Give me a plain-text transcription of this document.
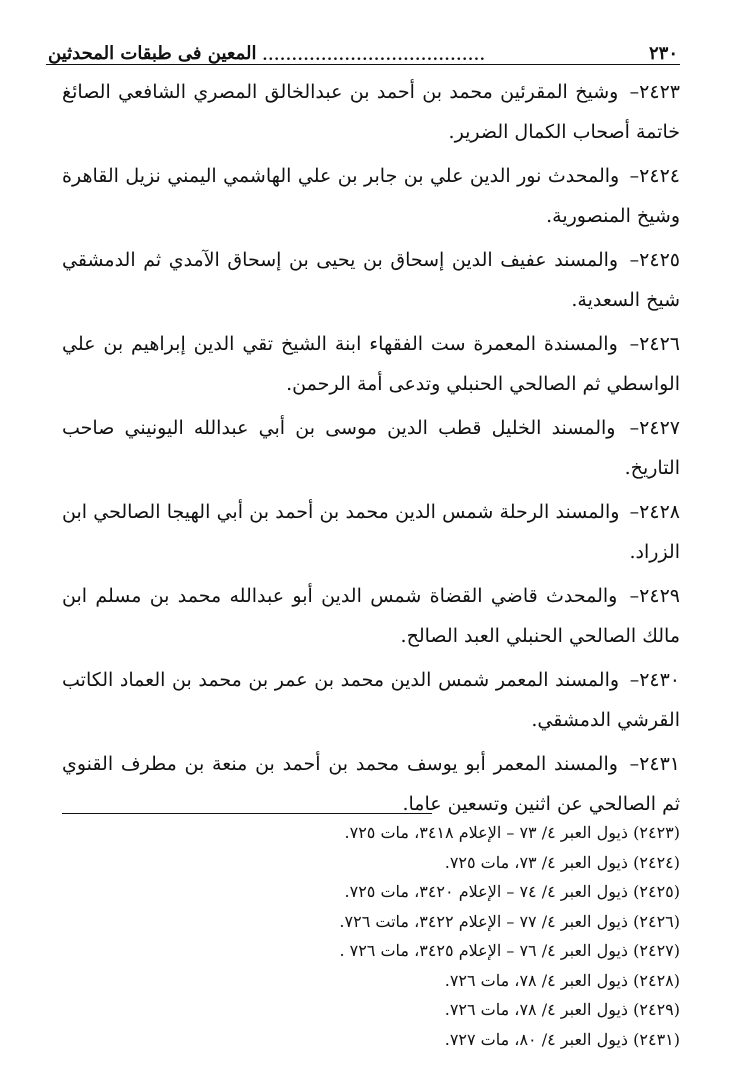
٢٣٠
......................................
المعين فى طبقات المحدثين

٢٤٢٣– وشيخ المقرئين محمد بن أحمد بن عبدالخالق المصري الشافعي الصائغ خاتمة أصحاب الكمال الضرير.

٢٤٢٤– والمحدث نور الدين علي بن جابر بن علي الهاشمي اليمني نزيل القاهرة وشيخ المنصورية.

٢٤٢٥– والمسند عفيف الدين إسحاق بن يحيى بن إسحاق الآمدي ثم الدمشقي شيخ السعدية.

٢٤٢٦– والمسندة المعمرة ست الفقهاء ابنة الشيخ تقي الدين إبراهيم بن علي الواسطي ثم الصالحي الحنبلي وتدعى أمة الرحمن.

٢٤٢٧– والمسند الخليل قطب الدين موسى بن أبي عبدالله اليونيني صاحب التاريخ.

٢٤٢٨– والمسند الرحلة شمس الدين محمد بن أحمد بن أبي الهيجا الصالحي ابن الزراد.

٢٤٢٩– والمحدث قاضي القضاة شمس الدين أبو عبدالله محمد بن مسلم ابن مالك الصالحي الحنبلي العبد الصالح.

٢٤٣٠– والمسند المعمر شمس الدين محمد بن عمر بن محمد بن العماد الكاتب القرشي الدمشقي.

٢٤٣١– والمسند المعمر أبو يوسف محمد بن أحمد بن منعة بن مطرف القنوي ثم الصالحي عن اثنين وتسعين عاما.

(٢٤٢٣) ذيول العبر ٤/ ٧٣ – الإعلام ٣٤١٨، مات ٧٢٥.
(٢٤٢٤) ذيول العبر ٤/ ٧٣، مات ٧٢٥.
(٢٤٢٥) ذيول العبر ٤/ ٧٤ – الإعلام ٣٤٢٠، مات ٧٢٥.
(٢٤٢٦) ذيول العبر ٤/ ٧٧ – الإعلام ٣٤٢٢، ماتت ٧٢٦.
(٢٤٢٧) ذيول العبر ٤/ ٧٦ – الإعلام ٣٤٢٥، مات ٧٢٦ .
(٢٤٢٨) ذيول العبر ٤/ ٧٨، مات ٧٢٦.
(٢٤٢٩) ذيول العبر ٤/ ٧٨، مات ٧٢٦.
(٢٤٣١) ذيول العبر ٤/ ٨٠، مات ٧٢٧.
